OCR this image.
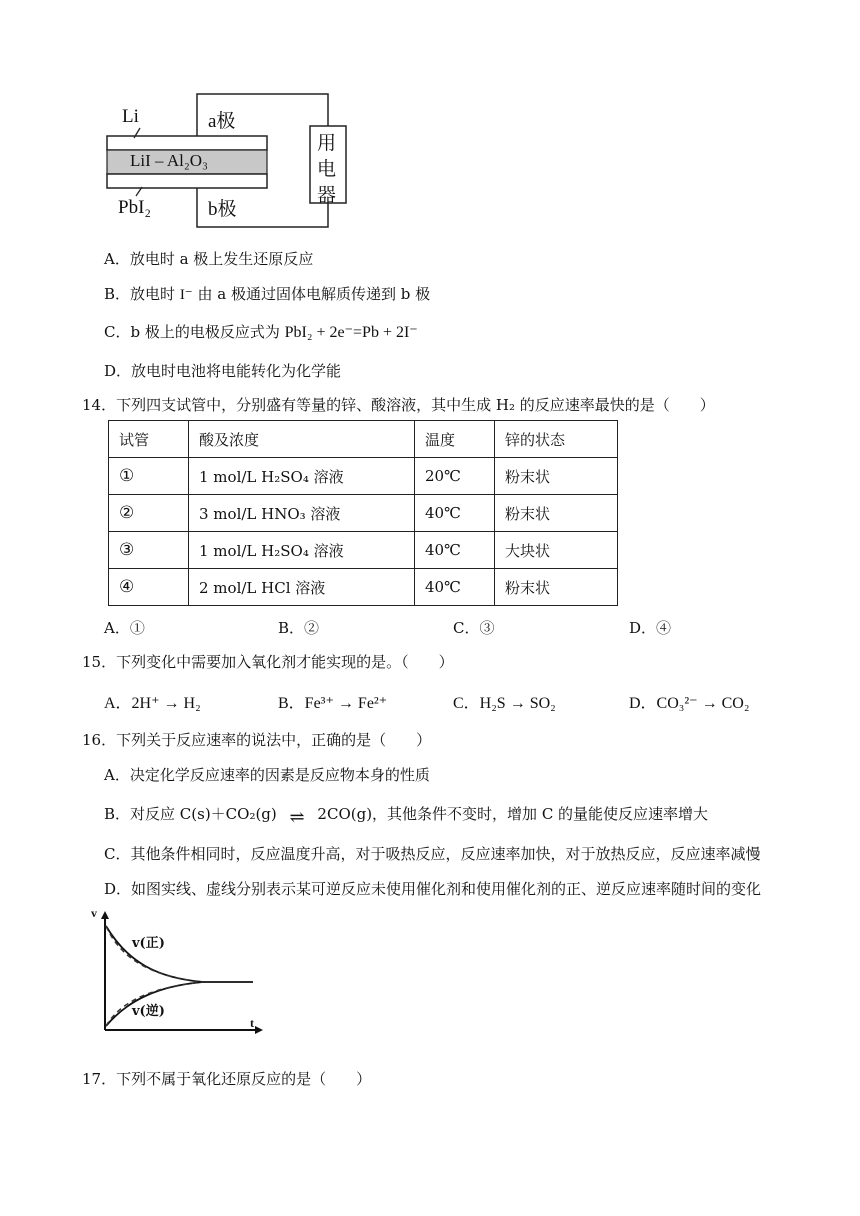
Li	a极
LiI – Al₂O₃
PbI₂	b极
用
电
器
A．放电时 a 极上发生还原反应
B．放电时 I⁻ 由 a 极通过固体电解质传递到 b 极
C．b 极上的电极反应式为 PbI₂ + 2e⁻=Pb + 2I⁻
D．放电时电池将电能转化为化学能
14．下列四支试管中，分别盛有等量的锌、酸溶液，其中生成 H₂ 的反应速率最快的是（　　）
试管	酸及浓度	温度	锌的状态
①	1 mol/L H₂SO₄ 溶液	20℃	粉末状
②	3 mol/L HNO₃ 溶液	40℃	粉末状
③	1 mol/L H₂SO₄ 溶液	40℃	大块状
④	2 mol/L HCl 溶液	40℃	粉末状
A．①	B．②	C．③	D．④
15．下列变化中需要加入氧化剂才能实现的是。（　　）
A．2H⁺ → H₂	B．Fe³⁺ → Fe²⁺	C．H₂S → SO₂	D．CO₃²⁻ → CO₂
16．下列关于反应速率的说法中，正确的是（　　）
A．决定化学反应速率的因素是反应物本身的性质
B．对反应 C(s)＋CO₂(g) ⇌ 2CO(g)，其他条件不变时，增加 C 的量能使反应速率增大
C．其他条件相同时，反应温度升高，对于吸热反应，反应速率加快，对于放热反应，反应速率减慢
D．如图实线、虚线分别表示某可逆反应未使用催化剂和使用催化剂的正、逆反应速率随时间的变化
v
t
v(正)
v(逆)
17．下列不属于氧化还原反应的是（　　）
